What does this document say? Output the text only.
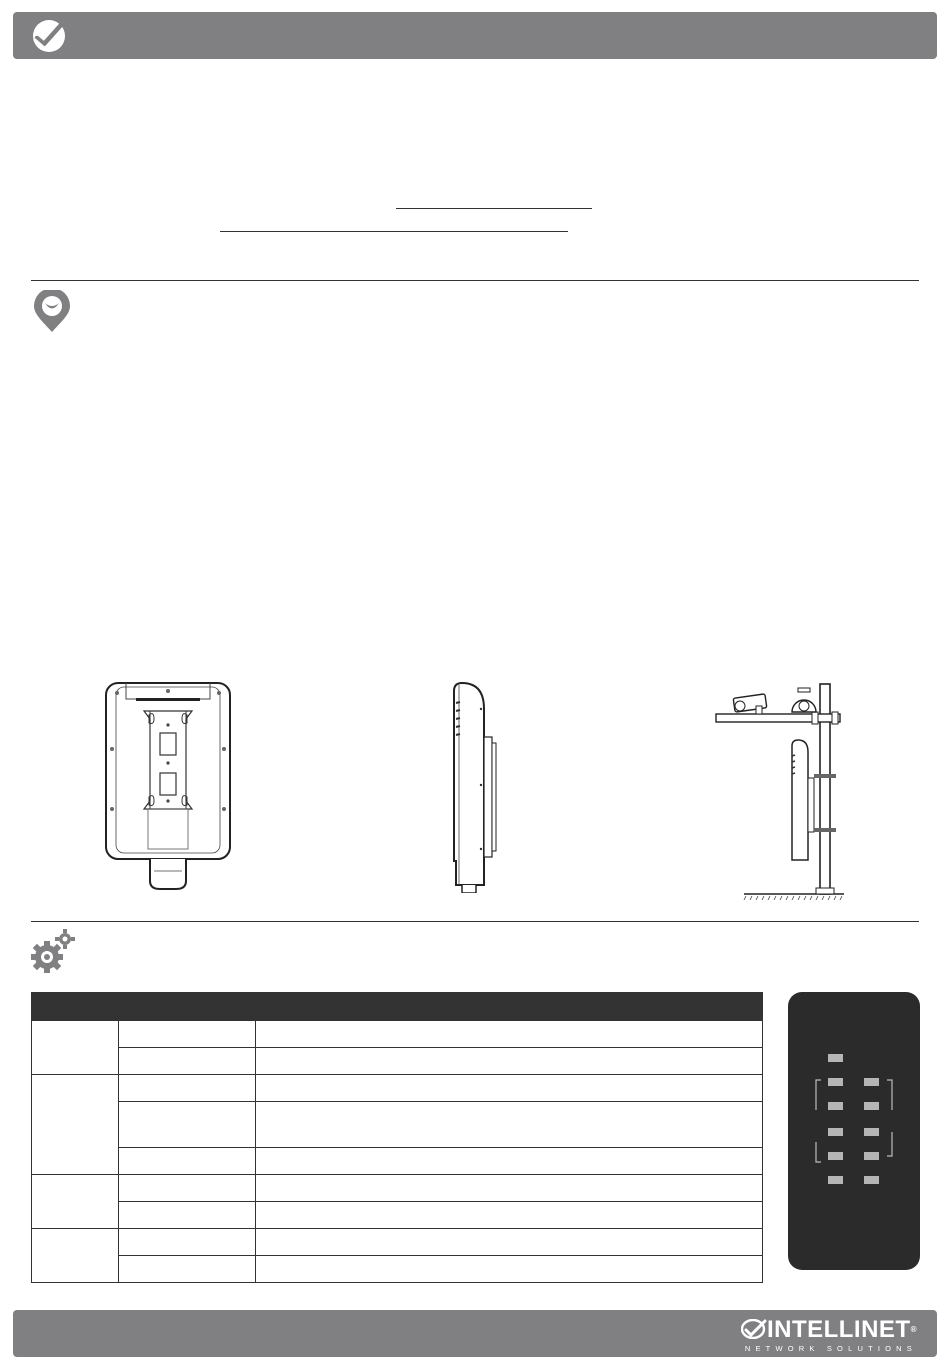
INTELLINET®
NETWORK SOLUTIONS
